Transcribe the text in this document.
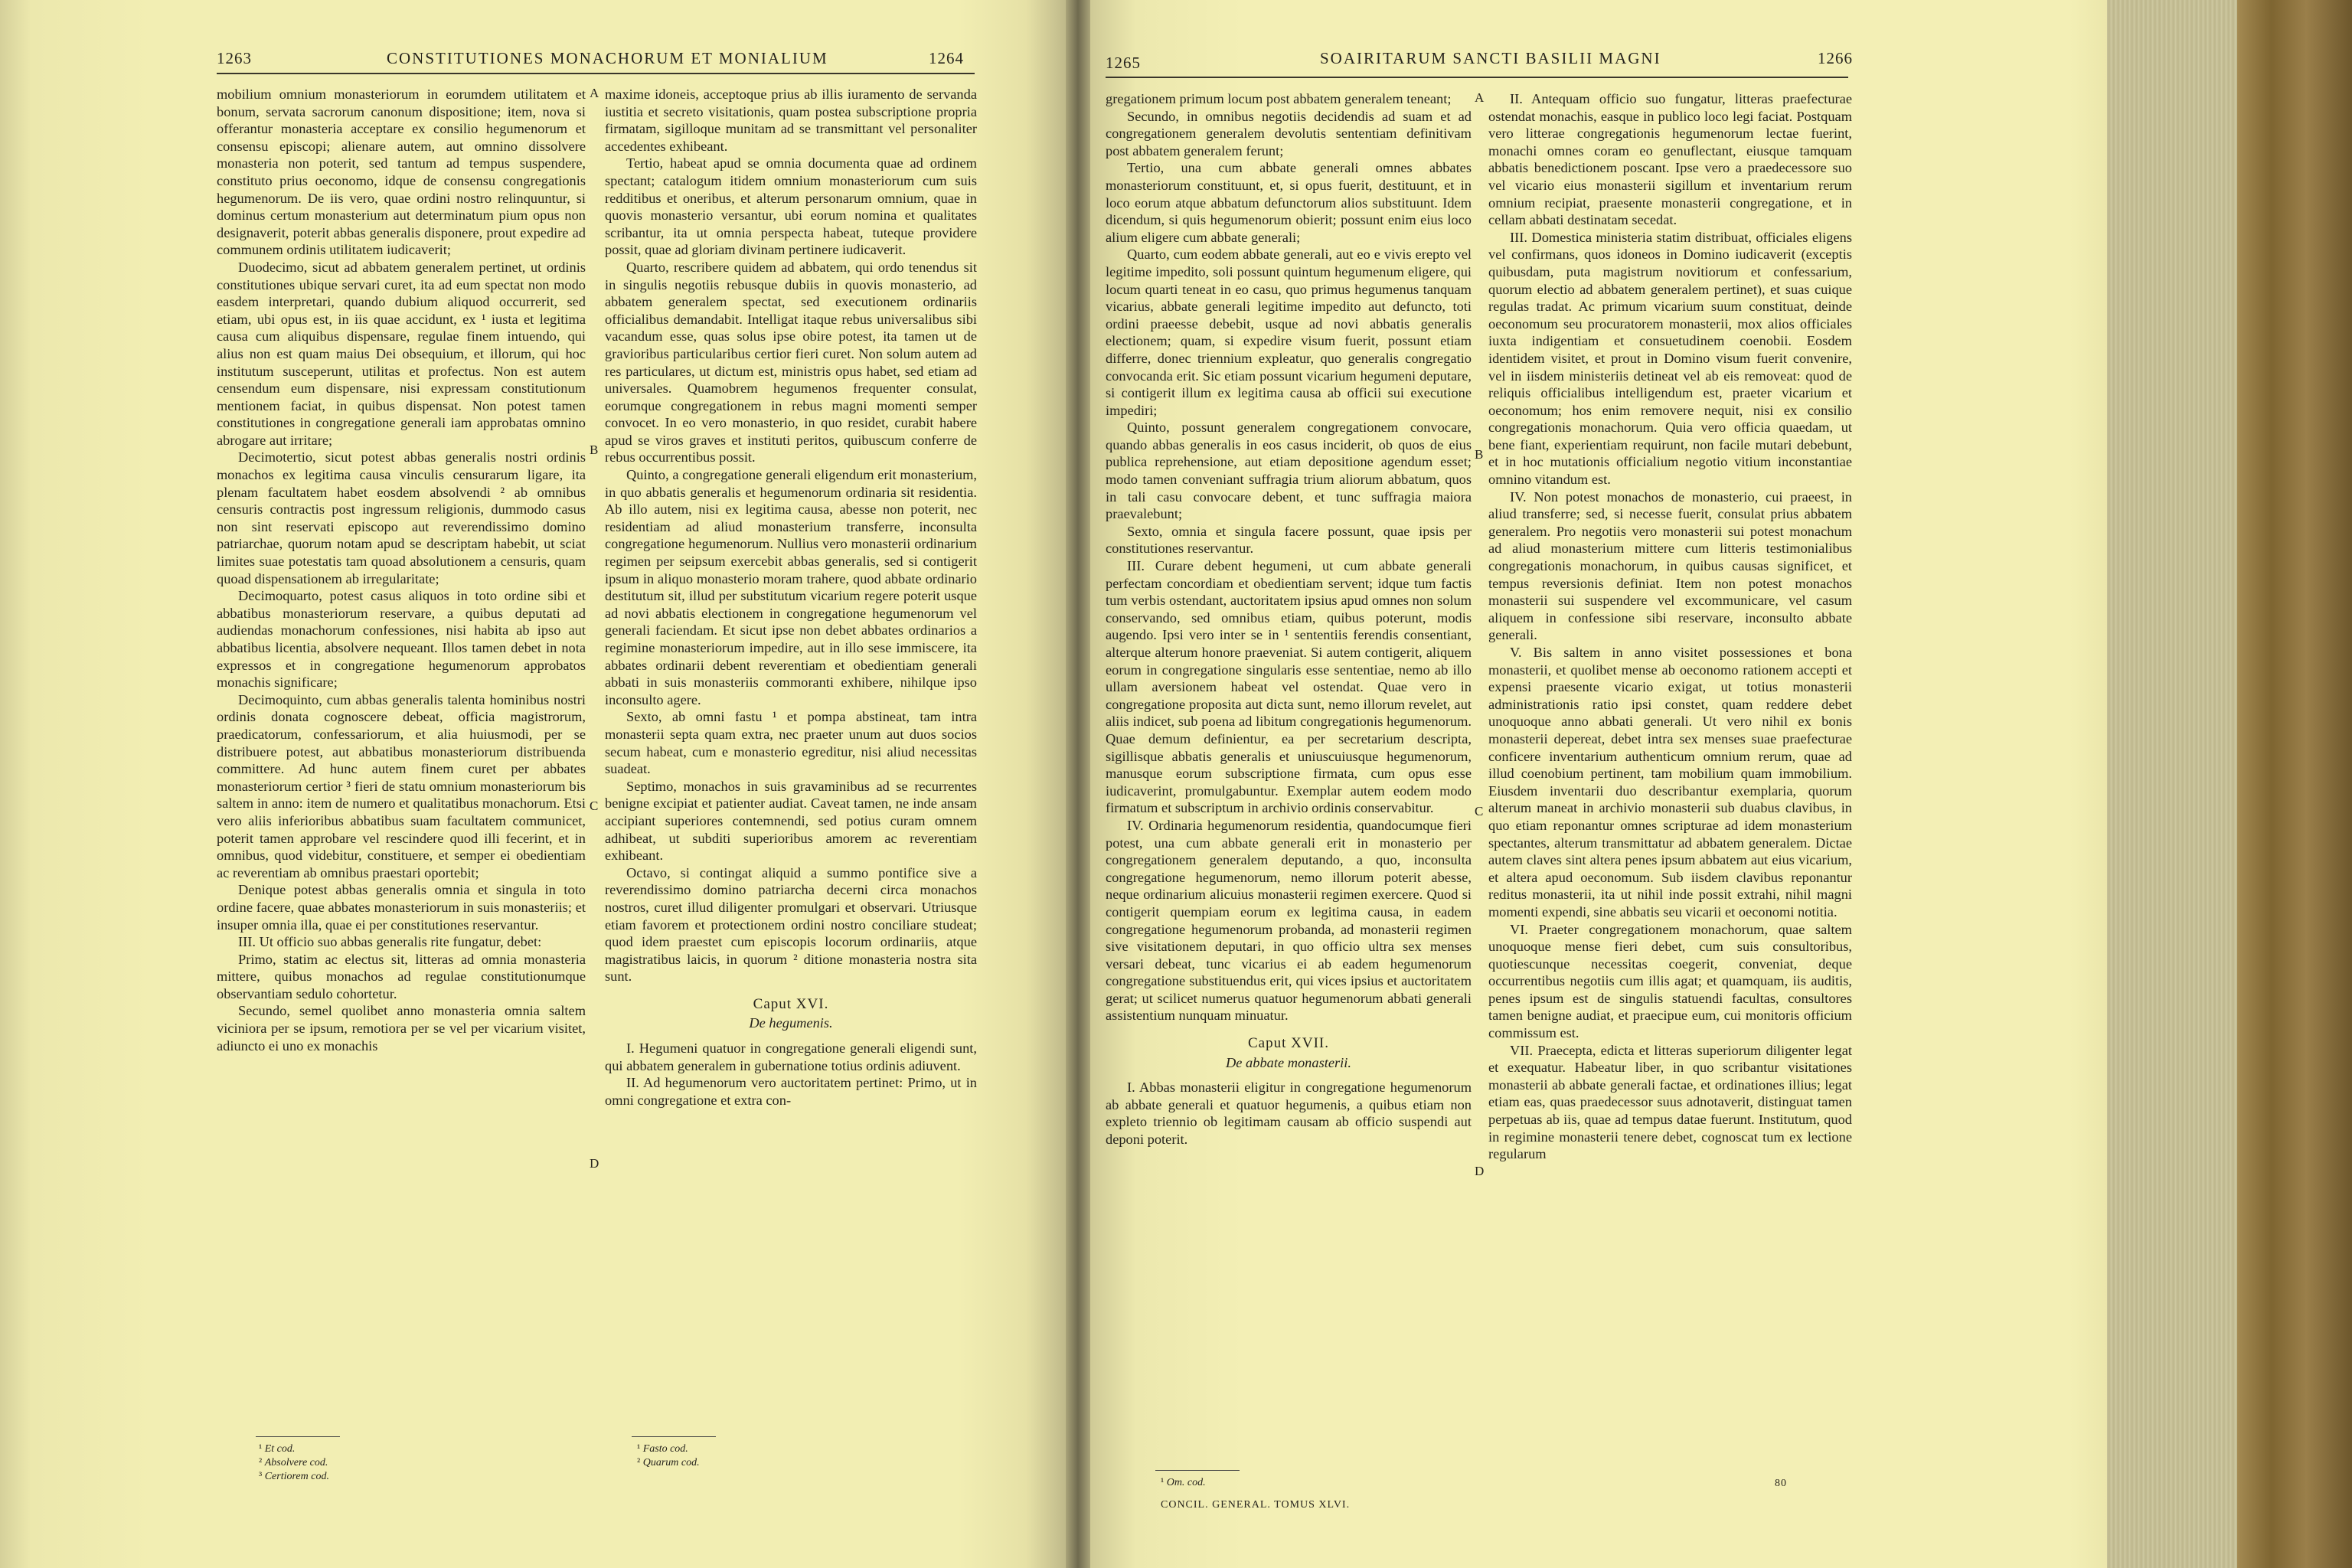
1263	CONSTITUTIONES MONACHORUM ET MONIALIUM	1264

mobilium omnium monasteriorum in eorumdem utilitatem et bonum, servata sacrorum canonum dispositione; item, nova si offerantur monasteria acceptare ex consilio hegumenorum et consensu episcopi; alienare autem, aut omnino dissolvere monasteria non poterit, sed tantum ad tempus suspendere, constituto prius oeconomo, idque de consensu congregationis hegumenorum. De iis vero, quae ordini nostro relinquuntur, si dominus certum monasterium aut determinatum pium opus non designaverit, poterit abbas generalis disponere, prout expedire ad communem ordinis utilitatem iudicaverit;

Duodecimo, sicut ad abbatem generalem pertinet, ut ordinis constitutiones ubique servari curet, ita ad eum spectat non modo easdem interpretari, quando dubium aliquod occurrerit, sed etiam, ubi opus est, in iis quae accidunt, ex ¹ iusta et legitima causa cum aliquibus dispensare, regulae finem intuendo, qui alius non est quam maius Dei obsequium, et illorum, qui hoc institutum susceperunt, utilitas et profectus. Non est autem censendum eum dispensare, nisi expressam constitutionum mentionem faciat, in quibus dispensat. Non potest tamen constitutiones in congregatione generali iam approbatas omnino abrogare aut irritare;

Decimotertio, sicut potest abbas generalis nostri ordinis monachos ex legitima causa vinculis censurarum ligare, ita plenam facultatem habet eosdem absolvendi ² ab omnibus censuris contractis post ingressum religionis, dummodo casus non sint reservati episcopo aut reverendissimo domino patriarchae, quorum notam apud se descriptam habebit, ut sciat limites suae potestatis tam quoad absolutionem a censuris, quam quoad dispensationem ab irregularitate;

Decimoquarto, potest casus aliquos in toto ordine sibi et abbatibus monasteriorum reservare, a quibus deputati ad audiendas monachorum confessiones, nisi habita ab ipso aut abbatibus licentia, absolvere nequeant. Illos tamen debet in nota expressos et in congregatione hegumenorum approbatos monachis significare;

Decimoquinto, cum abbas generalis talenta hominibus nostri ordinis donata cognoscere debeat, officia magistrorum, praedicatorum, confessariorum, et alia huiusmodi, per se distribuere potest, aut abbatibus monasteriorum distribuenda committere. Ad hunc autem finem curet per abbates monasteriorum certior ³ fieri de statu omnium monasteriorum bis saltem in anno: item de numero et qualitatibus monachorum. Etsi vero aliis inferioribus abbatibus suam facultatem communicet, poterit tamen approbare vel rescindere quod illi fecerint, et in omnibus, quod videbitur, constituere, et semper ei obedientiam ac reverentiam ab omnibus praestari oportebit;

Denique potest abbas generalis omnia et singula in toto ordine facere, quae abbates monasteriorum in suis monasteriis; et insuper omnia illa, quae ei per constitutiones reservantur.

III. Ut officio suo abbas generalis rite fungatur, debet:

Primo, statim ac electus sit, litteras ad omnia monasteria mittere, quibus monachos ad regulae constitutionumque observantiam sedulo cohortetur.

Secundo, semel quolibet anno monasteria omnia saltem viciniora per se ipsum, remotiora per se vel per vicarium visitet, adiuncto ei uno ex monachis

A
B
C
D

maxime idoneis, acceptoque prius ab illis iuramento de servanda iustitia et secreto visitationis, quam postea subscriptione propria firmatam, sigilloque munitam ad se transmittant vel personaliter accedentes exhibeant.

Tertio, habeat apud se omnia documenta quae ad ordinem spectant; catalogum itidem omnium monasteriorum cum suis redditibus et oneribus, et alterum personarum omnium, quae in quovis monasterio versantur, ubi eorum nomina et qualitates scribantur, ita ut omnia perspecta habeat, tuteque providere possit, quae ad gloriam divinam pertinere iudicaverit.

Quarto, rescribere quidem ad abbatem, qui ordo tenendus sit in singulis negotiis rebusque dubiis in quovis monasterio, ad abbatem generalem spectat, sed executionem ordinariis officialibus demandabit. Intelligat itaque rebus universalibus sibi vacandum esse, quas solus ipse obire potest, ita tamen ut de gravioribus particularibus certior fieri curet. Non solum autem ad res particulares, ut dictum est, ministris opus habet, sed etiam ad universales. Quamobrem hegumenos frequenter consulat, eorumque congregationem in rebus magni momenti semper convocet. In eo vero monasterio, in quo residet, curabit habere apud se viros graves et instituti peritos, quibuscum conferre de rebus occurrentibus possit.

Quinto, a congregatione generali eligendum erit monasterium, in quo abbatis generalis et hegumenorum ordinaria sit residentia. Ab illo autem, nisi ex legitima causa, abesse non poterit, nec residentiam ad aliud monasterium transferre, inconsulta congregatione hegumenorum. Nullius vero monasterii ordinarium regimen per seipsum exercebit abbas generalis, sed si contigerit ipsum in aliquo monasterio moram trahere, quod abbate ordinario destitutum sit, illud per substitutum vicarium regere poterit usque ad novi abbatis electionem in congregatione hegumenorum vel generali faciendam. Et sicut ipse non debet abbates ordinarios a regimine monasteriorum impedire, aut in illo sese immiscere, ita abbates ordinarii debent reverentiam et obedientiam generali abbati in suis monasteriis commoranti exhibere, nihilque ipso inconsulto agere.

Sexto, ab omni fastu ¹ et pompa abstineat, tam intra monasterii septa quam extra, nec praeter unum aut duos socios secum habeat, cum e monasterio egreditur, nisi aliud necessitas suadeat.

Septimo, monachos in suis gravaminibus ad se recurrentes benigne excipiat et patienter audiat. Caveat tamen, ne inde ansam accipiant superiores contemnendi, sed potius curam omnem adhibeat, ut subditi superioribus amorem ac reverentiam exhibeant.

Octavo, si contingat aliquid a summo pontifice sive a reverendissimo domino patriarcha decerni circa monachos nostros, curet illud diligenter promulgari et observari. Utriusque etiam favorem et protectionem ordini nostro conciliare studeat; quod idem praestet cum episcopis locorum ordinariis, atque magistratibus laicis, in quorum ² ditione monasteria nostra sita sunt.

Caput XVI.

De hegumenis.

I. Hegumeni quatuor in congregatione generali eligendi sunt, qui abbatem generalem in gubernatione totius ordinis adiuvent.

II. Ad hegumenorum vero auctoritatem pertinet: Primo, ut in omni congregatione et extra con-

¹ Et cod.
² Absolvere cod.
³ Certiorem cod.
¹ Fasto cod.
² Quarum cod.
1265	SOAIRITARUM SANCTI BASILII MAGNI	1266

gregationem primum locum post abbatem generalem teneant;

Secundo, in omnibus negotiis decidendis ad suam et ad congregationem generalem devolutis sententiam definitivam post abbatem generalem ferunt;

Tertio, una cum abbate generali omnes abbates monasteriorum constituunt, et, si opus fuerit, destituunt, et in loco eorum atque abbatum defunctorum alios substituunt. Idem dicendum, si quis hegumenorum obierit; possunt enim eius loco alium eligere cum abbate generali;

Quarto, cum eodem abbate generali, aut eo e vivis erepto vel legitime impedito, soli possunt quintum hegumenum eligere, qui locum quarti teneat in eo casu, quo primus hegumenus tanquam vicarius, abbate generali legitime impedito aut defuncto, toti ordini praeesse debebit, usque ad novi abbatis generalis electionem; quam, si expedire visum fuerit, possunt etiam differre, donec triennium expleatur, quo generalis congregatio convocanda erit. Sic etiam possunt vicarium hegumeni deputare, si contigerit illum ex legitima causa ab officii sui executione impediri;

Quinto, possunt generalem congregationem convocare, quando abbas generalis in eos casus inciderit, ob quos de eius publica reprehensione, aut etiam depositione agendum esset; modo tamen conveniant suffragia trium aliorum abbatum, quos in tali casu convocare debent, et tunc suffragia maiora praevalebunt;

Sexto, omnia et singula facere possunt, quae ipsis per constitutiones reservantur.

III. Curare debent hegumeni, ut cum abbate generali perfectam concordiam et obedientiam servent; idque tum factis tum verbis ostendant, auctoritatem ipsius apud omnes non solum conservando, sed omnibus etiam, quibus poterunt, modis augendo. Ipsi vero inter se in ¹ sententiis ferendis consentiant, alterque alterum honore praeveniat. Si autem contigerit, aliquem eorum in congregatione singularis esse sententiae, nemo ab illo ullam aversionem habeat vel ostendat. Quae vero in congregatione proposita aut dicta sunt, nemo illorum revelet, aut aliis indicet, sub poena ad libitum congregationis hegumenorum. Quae demum definientur, ea per secretarium descripta, sigillisque abbatis generalis et uniuscuiusque hegumenorum, manusque eorum subscriptione firmata, cum opus esse iudicaverint, promulgabuntur. Exemplar autem eodem modo firmatum et subscriptum in archivio ordinis conservabitur.

IV. Ordinaria hegumenorum residentia, quandocumque fieri potest, una cum abbate generali erit in monasterio per congregationem generalem deputando, a quo, inconsulta congregatione hegumenorum, nemo illorum poterit abesse, neque ordinarium alicuius monasterii regimen exercere. Quod si contigerit quempiam eorum ex legitima causa, in eadem congregatione hegumenorum probanda, ad monasterii regimen sive visitationem deputari, in quo officio ultra sex menses versari debeat, tunc vicarius ei ab eadem hegumenorum congregatione substituendus erit, qui vices ipsius et auctoritatem gerat; ut scilicet numerus quatuor hegumenorum abbati generali assistentium nunquam minuatur.

Caput XVII.

De abbate monasterii.

I. Abbas monasterii eligitur in congregatione hegumenorum ab abbate generali et quatuor hegumenis, a quibus etiam non expleto triennio ob legitimam causam ab officio suspendi aut deponi poterit.

A
B
C
D

II. Antequam officio suo fungatur, litteras praefecturae ostendat monachis, easque in publico loco legi faciat. Postquam vero litterae congregationis hegumenorum lectae fuerint, monachi omnes coram eo genuflectant, eiusque tamquam abbatis benedictionem poscant. Ipse vero a praedecessore suo vel vicario eius monasterii sigillum et inventarium rerum omnium recipiat, praesente monasterii congregatione, et in cellam abbati destinatam secedat.

III. Domestica ministeria statim distribuat, officiales eligens vel confirmans, quos idoneos in Domino iudicaverit (exceptis quibusdam, puta magistrum novitiorum et confessarium, quorum electio ad abbatem generalem pertinet), et suas cuique regulas tradat. Ac primum vicarium suum constituat, deinde oeconomum seu procuratorem monasterii, mox alios officiales iuxta indigentiam et consuetudinem coenobii. Eosdem identidem visitet, et prout in Domino visum fuerit convenire, vel in iisdem ministeriis detineat vel ab eis removeat: quod de reliquis officialibus intelligendum est, praeter vicarium et oeconomum; hos enim removere nequit, nisi ex consilio congregationis monachorum. Quia vero officia quaedam, ut bene fiant, experientiam requirunt, non facile mutari debebunt, et in hoc mutationis officialium negotio vitium inconstantiae omnino vitandum est.

IV. Non potest monachos de monasterio, cui praeest, in aliud transferre; sed, si necesse fuerit, consulat prius abbatem generalem. Pro negotiis vero monasterii sui potest monachum ad aliud monasterium mittere cum litteris testimonialibus congregationis monachorum, in quibus causas significet, et tempus reversionis definiat. Item non potest monachos monasterii sui suspendere vel excommunicare, vel casum aliquem in confessione sibi reservare, inconsulto abbate generali.

V. Bis saltem in anno visitet possessiones et bona monasterii, et quolibet mense ab oeconomo rationem accepti et expensi praesente vicario exigat, ut totius monasterii administrationis ratio ipsi constet, quam reddere debet unoquoque anno abbati generali. Ut vero nihil ex bonis monasterii depereat, debet intra sex menses suae praefecturae conficere inventarium authenticum omnium rerum, quae ad illud coenobium pertinent, tam mobilium quam immobilium. Eiusdem inventarii duo describantur exemplaria, quorum alterum maneat in archivio monasterii sub duabus clavibus, in quo etiam reponantur omnes scripturae ad idem monasterium spectantes, alterum transmittatur ad abbatem generalem. Dictae autem claves sint altera penes ipsum abbatem aut eius vicarium, et altera apud oeconomum. Sub iisdem clavibus reponantur reditus monasterii, ita ut nihil inde possit extrahi, nihil magni momenti expendi, sine abbatis seu vicarii et oeconomi notitia.

VI. Praeter congregationem monachorum, quae saltem unoquoque mense fieri debet, cum suis consultoribus, quotiescunque necessitas coegerit, conveniat, deque occurrentibus negotiis cum illis agat; et quamquam, iis auditis, penes ipsum est de singulis statuendi facultas, consultores tamen benigne audiat, et praecipue eum, cui monitoris officium commissum est.

VII. Praecepta, edicta et litteras superiorum diligenter legat et exequatur. Habeatur liber, in quo scribantur visitationes monasterii ab abbate generali factae, et ordinationes illius; legat etiam eas, quas praedecessor suus adnotaverit, distinguat tamen perpetuas ab iis, quae ad tempus datae fuerunt. Institutum, quod in regimine monasterii tenere debet, cognoscat tum ex lectione regularum

¹ Om. cod.
CONCIL. GENERAL. TOMUS XLVI.
80
